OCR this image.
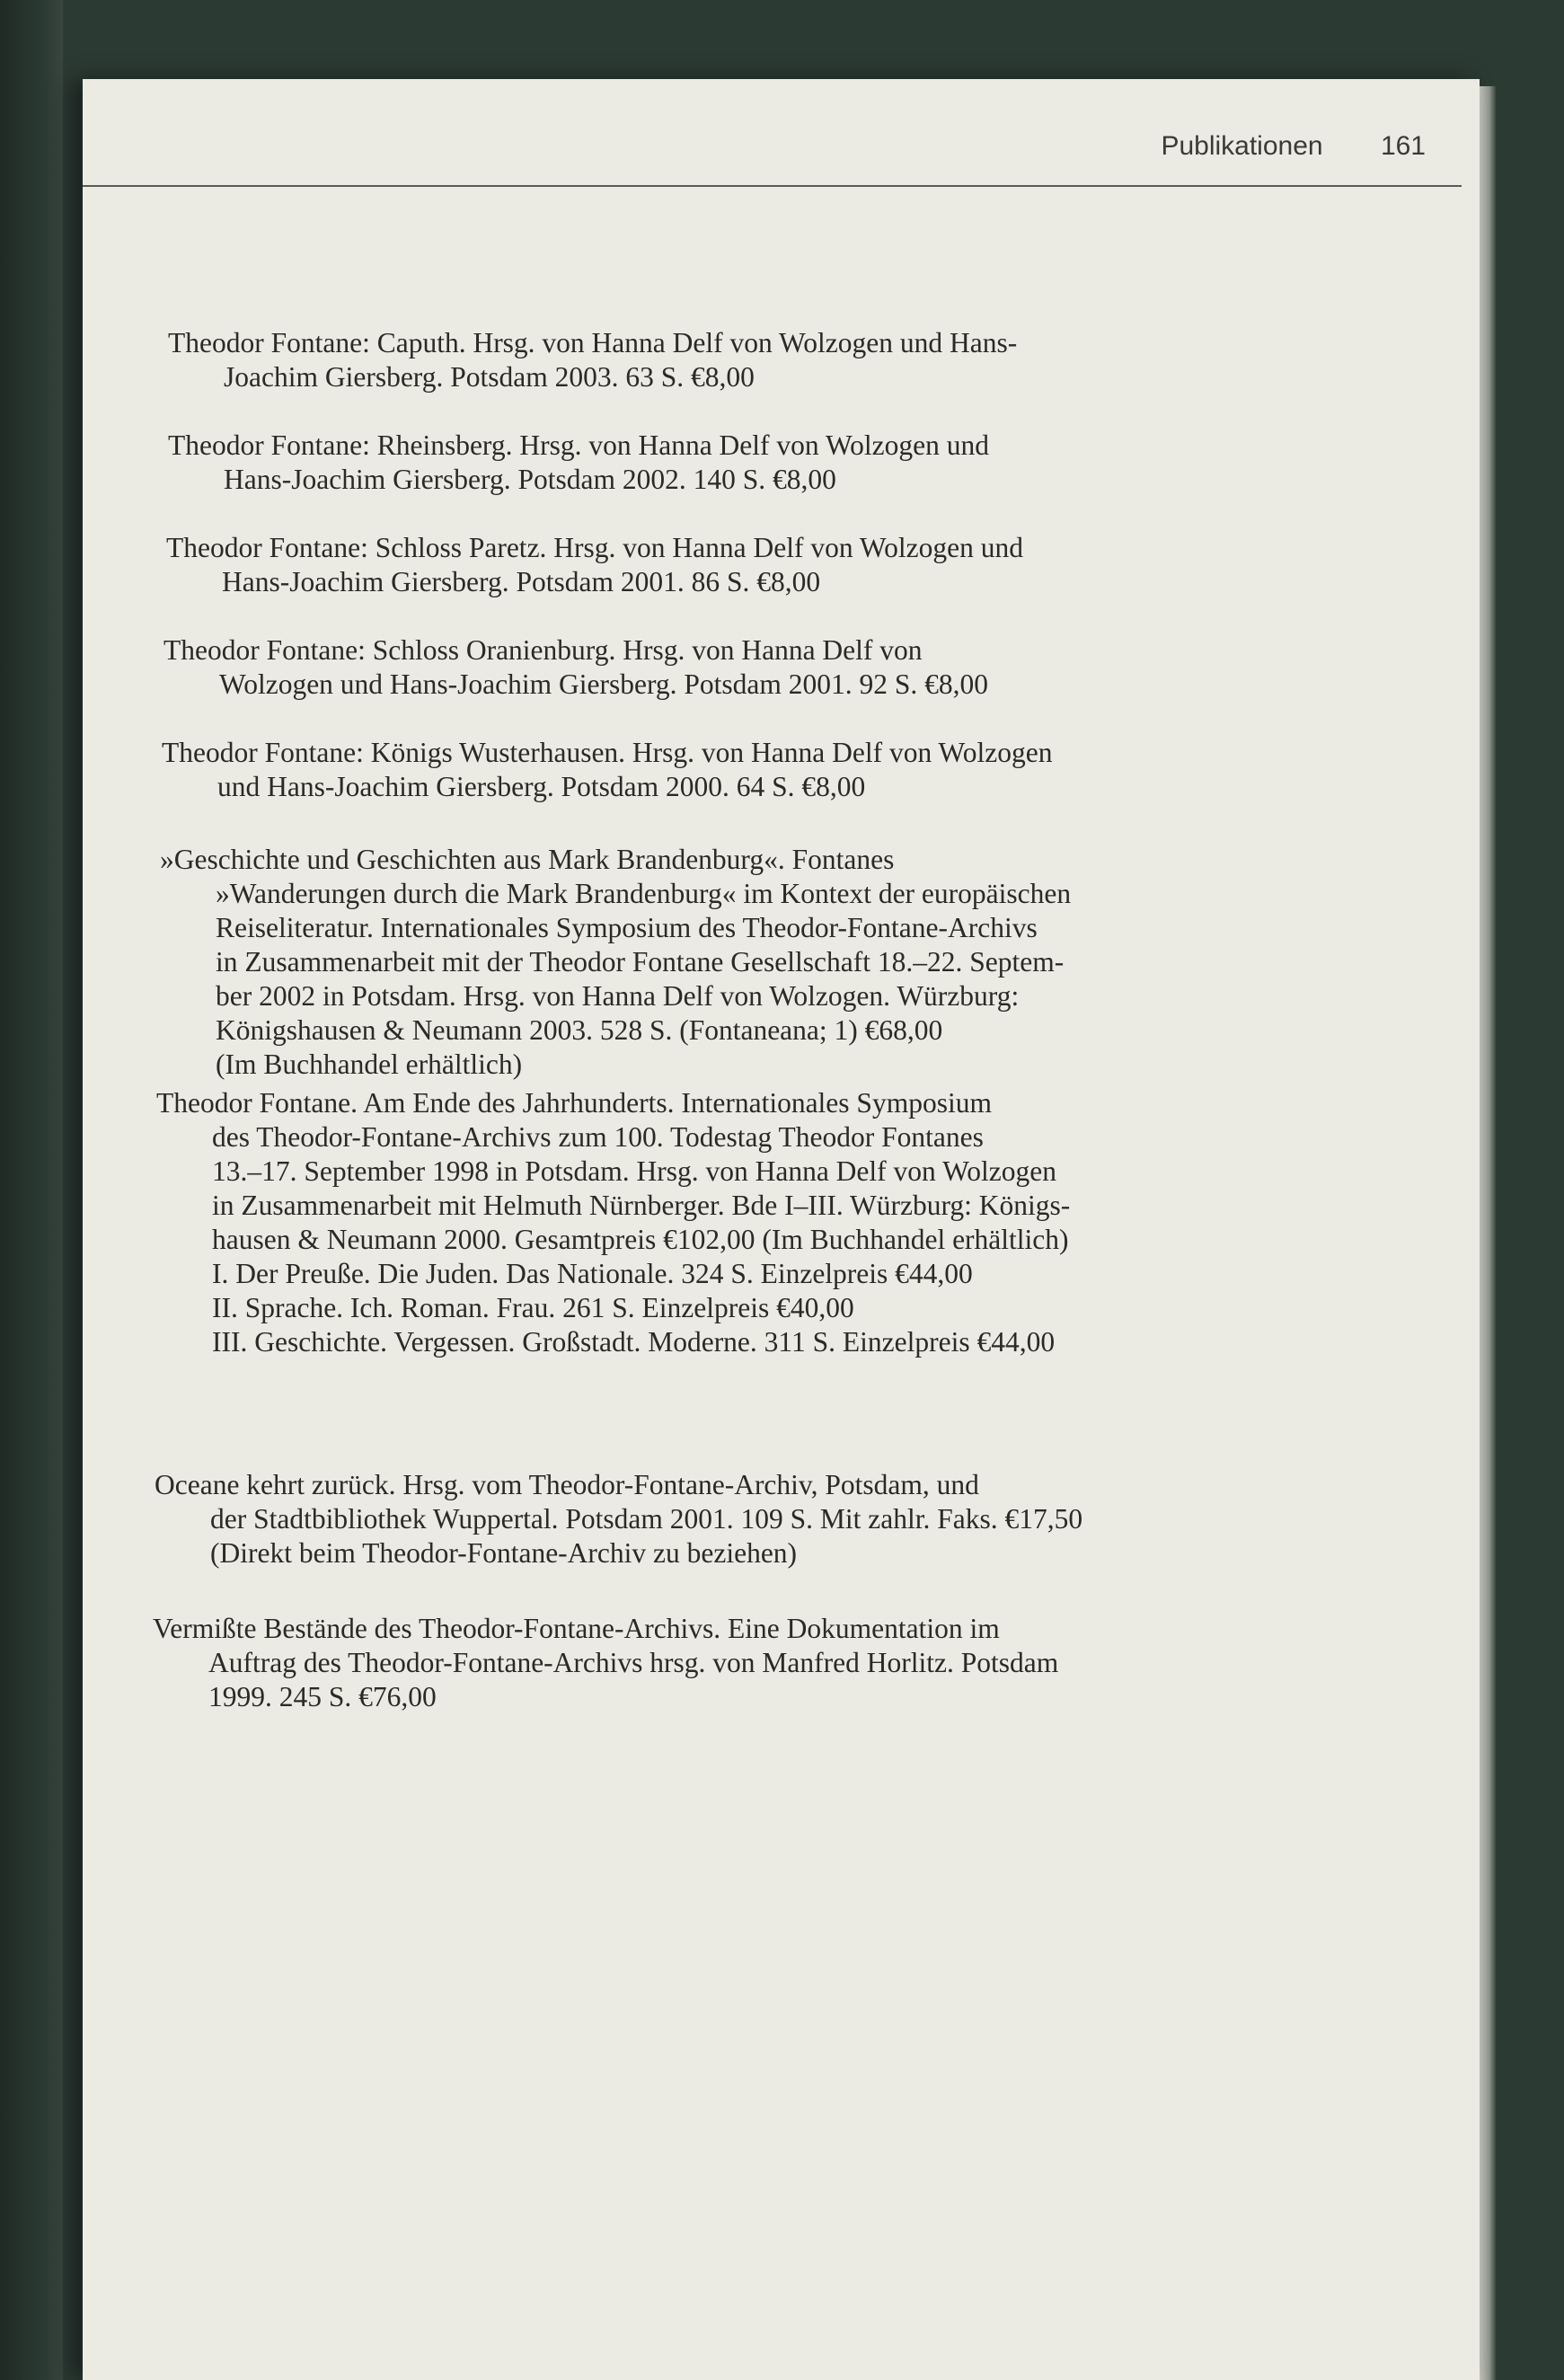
Publikationen 161
Theodor Fontane: Caputh. Hrsg. von Hanna Delf von Wolzogen und Hans-
Joachim Giersberg. Potsdam 2003. 63 S. €8,00
Theodor Fontane: Rheinsberg. Hrsg. von Hanna Delf von Wolzogen und
Hans-Joachim Giersberg. Potsdam 2002. 140 S. €8,00
Theodor Fontane: Schloss Paretz. Hrsg. von Hanna Delf von Wolzogen und
Hans-Joachim Giersberg. Potsdam 2001. 86 S. €8,00
Theodor Fontane: Schloss Oranienburg. Hrsg. von Hanna Delf von
Wolzogen und Hans-Joachim Giersberg. Potsdam 2001. 92 S. €8,00
Theodor Fontane: Königs Wusterhausen. Hrsg. von Hanna Delf von Wolzogen
und Hans-Joachim Giersberg. Potsdam 2000. 64 S. €8,00
»Geschichte und Geschichten aus Mark Brandenburg«. Fontanes
»Wanderungen durch die Mark Brandenburg« im Kontext der europäischen
Reiseliteratur. Internationales Symposium des Theodor-Fontane-Archivs
in Zusammenarbeit mit der Theodor Fontane Gesellschaft 18.–22. Septem-
ber 2002 in Potsdam. Hrsg. von Hanna Delf von Wolzogen. Würzburg:
Königshausen & Neumann 2003. 528 S. (Fontaneana; 1) €68,00
(Im Buchhandel erhältlich)
Theodor Fontane. Am Ende des Jahrhunderts. Internationales Symposium
des Theodor-Fontane-Archivs zum 100. Todestag Theodor Fontanes
13.–17. September 1998 in Potsdam. Hrsg. von Hanna Delf von Wolzogen
in Zusammenarbeit mit Helmuth Nürnberger. Bde I–III. Würzburg: Königs-
hausen & Neumann 2000. Gesamtpreis €102,00 (Im Buchhandel erhältlich)
I. Der Preuße. Die Juden. Das Nationale. 324 S. Einzelpreis €44,00
II. Sprache. Ich. Roman. Frau. 261 S. Einzelpreis €40,00
III. Geschichte. Vergessen. Großstadt. Moderne. 311 S. Einzelpreis €44,00
Oceane kehrt zurück. Hrsg. vom Theodor-Fontane-Archiv, Potsdam, und
der Stadtbibliothek Wuppertal. Potsdam 2001. 109 S. Mit zahlr. Faks. €17,50
(Direkt beim Theodor-Fontane-Archiv zu beziehen)
Vermißte Bestände des Theodor-Fontane-Archivs. Eine Dokumentation im
Auftrag des Theodor-Fontane-Archivs hrsg. von Manfred Horlitz. Potsdam
1999. 245 S. €76,00
